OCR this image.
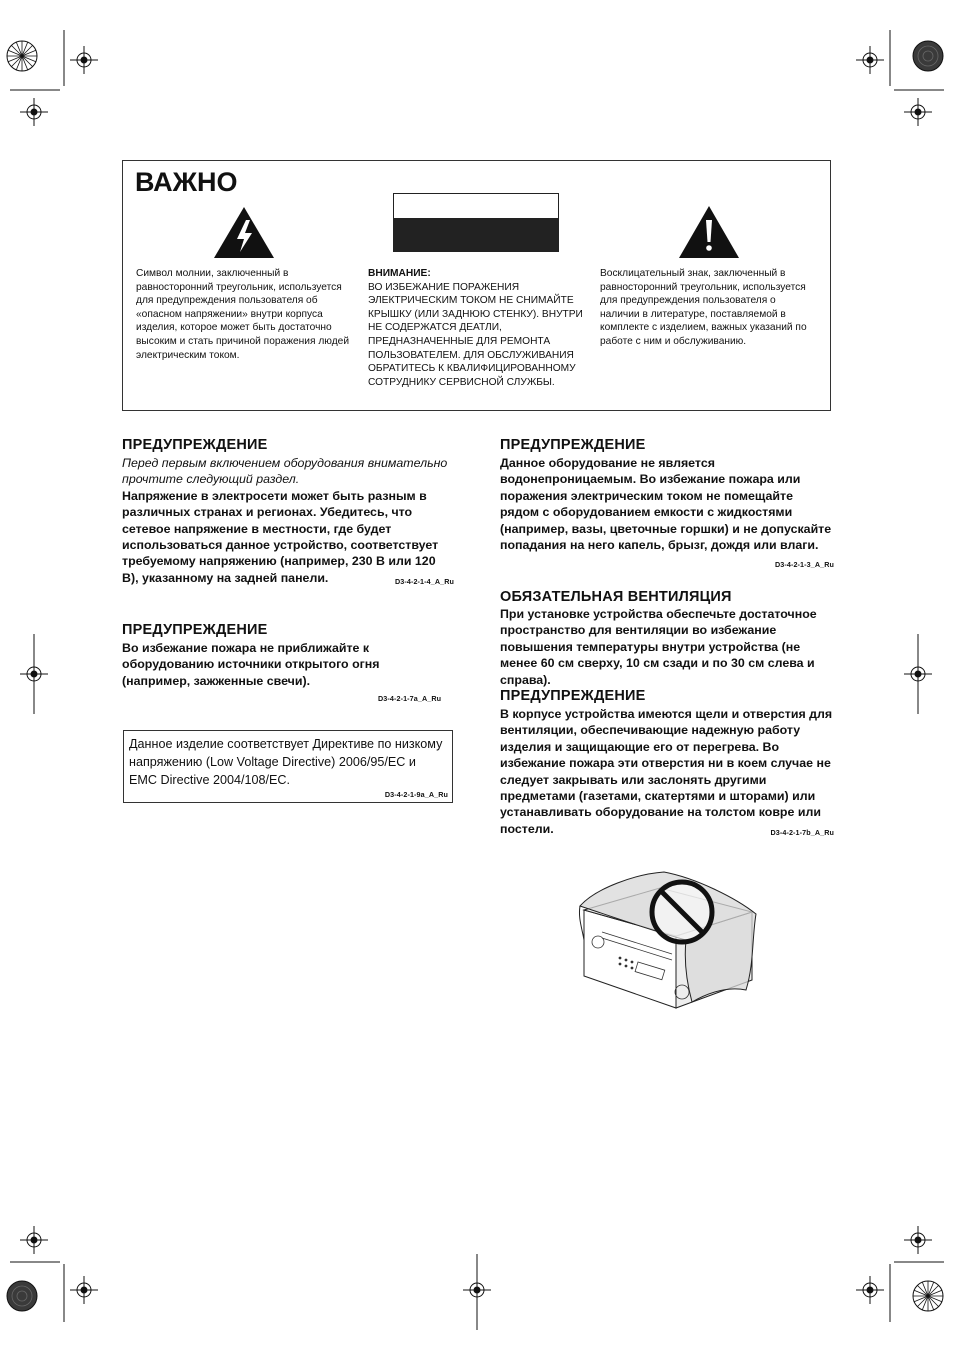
ВАЖНО
Символ молнии, заключенный в равносторонний треугольник, используется для предупреждения пользователя об «опасном напряжении» внутри корпуса изделия, которое может быть достаточно высоким и стать причиной поражения людей электрическим током.
ВНИМАНИЕ:
ВО ИЗБЕЖАНИЕ ПОРАЖЕНИЯ ЭЛЕКТРИЧЕСКИМ ТОКОМ НЕ СНИМАЙТЕ КРЫШКУ (ИЛИ ЗАДНЮЮ СТЕНКУ). ВНУТРИ НЕ СОДЕРЖАТСЯ ДЕАТЛИ, ПРЕДНАЗНАЧЕННЫЕ ДЛЯ РЕМОНТА ПОЛЬЗОВАТЕЛЕМ. ДЛЯ ОБСЛУЖИВАНИЯ ОБРАТИТЕСЬ К КВАЛИФИЦИРОВАННОМУ СОТРУДНИКУ СЕРВИСНОЙ СЛУЖБЫ.
Восклицательный знак, заключенный в равносторонний треугольник, используется для предупреждения пользователя о наличии в литературе, поставляемой в комплекте с изделием, важных указаний по работе с ним и обслуживанию.
ПРЕДУПРЕЖДЕНИЕ
Перед первым включением оборудования внимательно прочтите следующий раздел.
Напряжение в электросети может быть разным в различных странах и регионах. Убедитесь, что сетевое напряжение в местности, где будет использоваться данное устройство, соответствует требуемому напряжению (например, 230 В или 120 В), указанному на задней панели.	D3-4-2-1-4_A_Ru
ПРЕДУПРЕЖДЕНИЕ
Во избежание пожара не приближайте к оборудованию источники открытого огня (например, зажженные свечи).
D3-4-2-1-7a_A_Ru
Данное изделие соответствует Директиве по низкому напряжению (Low Voltage Directive) 2006/95/EC и EMC Directive 2004/108/EC.
D3-4-2-1-9a_A_Ru
ПРЕДУПРЕЖДЕНИЕ
Данное оборудование не является водонепроницаемым. Во избежание пожара или поражения электрическим током не помещайте рядом с оборудованием емкости с жидкостями (например, вазы, цветочные горшки) и не допускайте попадания на него капель, брызг, дождя или влаги.
D3-4-2-1-3_A_Ru
ОБЯЗАТЕЛЬНАЯ ВЕНТИЛЯЦИЯ
При установке устройства обеспечьте достаточное пространство для вентиляции во избежание повышения температуры внутри устройства (не менее 60 см сверху, 10 см сзади и по 30 см слева и справа).
ПРЕДУПРЕЖДЕНИЕ
В корпусе устройства имеются щели и отверстия для вентиляции, обеспечивающие надежную работу изделия и защищающие его от перегрева. Во избежание пожара эти отверстия ни в коем случае не следует закрывать или заслонять другими предметами (газетами, скатертями и шторами) или устанавливать оборудование на толстом ковре или постели.	D3-4-2-1-7b_A_Ru
